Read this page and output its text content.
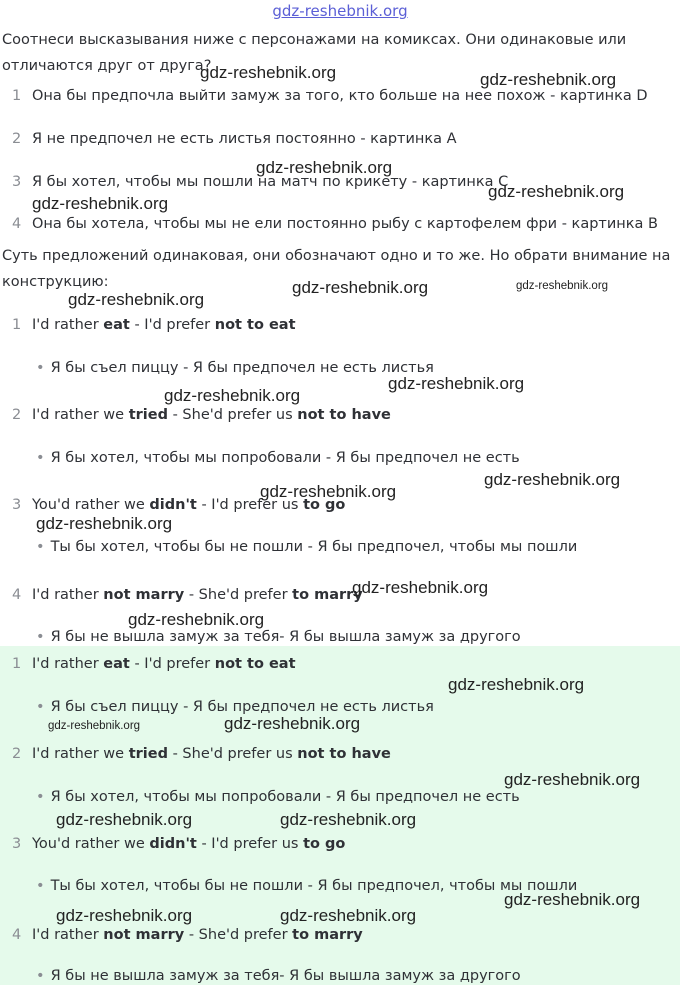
gdz-reshebnik.org
Соотнеси высказывания ниже с персонажами на комиксах. Они одинаковые или отличаются друг от друга?
1 Она бы предпочла выйти замуж за того, кто больше на нее похож - картинка D
2 Я не предпочел не есть листья постоянно - картинка А
3 Я бы хотел, чтобы мы пошли на матч по крикету - картинка С
4 Она бы хотела, чтобы мы не ели постоянно рыбу с картофелем фри - картинка В
Суть предложений одинаковая, они обозначают одно и то же. Но обрати внимание на конструкцию:
1 I'd rather eat - I'd prefer not to eat
• Я бы съел пиццу - Я бы предпочел не есть листья
2 I'd rather we tried - She'd prefer us not to have
• Я бы хотел, чтобы мы попробовали - Я бы предпочел не есть
3 You'd rather we didn't - I'd prefer us to go
• Ты бы хотел, чтобы бы не пошли - Я бы предпочел, чтобы мы пошли
4 I'd rather not marry - She'd prefer to marry
• Я бы не вышла замуж за тебя- Я бы вышла замуж за другого
1 I'd rather eat - I'd prefer not to eat
• Я бы съел пиццу - Я бы предпочел не есть листья
2 I'd rather we tried - She'd prefer us not to have
• Я бы хотел, чтобы мы попробовали - Я бы предпочел не есть
3 You'd rather we didn't - I'd prefer us to go
• Ты бы хотел, чтобы бы не пошли - Я бы предпочел, чтобы мы пошли
4 I'd rather not marry - She'd prefer to marry
• Я бы не вышла замуж за тебя- Я бы вышла замуж за другого
gdz-reshebnik.org	gdz-reshebnik.org
gdz-reshebnik.org
gdz-reshebnik.org
gdz-reshebnik.org
gdz-reshebnik.org	gdz-reshebnik.org
gdz-reshebnik.org
gdz-reshebnik.org
gdz-reshebnik.org
gdz-reshebnik.org
gdz-reshebnik.org
gdz-reshebnik.org
gdz-reshebnik.org
gdz-reshebnik.org
gdz-reshebnik.org
gdz-reshebnik.org
gdz-reshebnik.org
gdz-reshebnik.org
gdz-reshebnik.org	gdz-reshebnik.org
gdz-reshebnik.org
gdz-reshebnik.org	gdz-reshebnik.org
